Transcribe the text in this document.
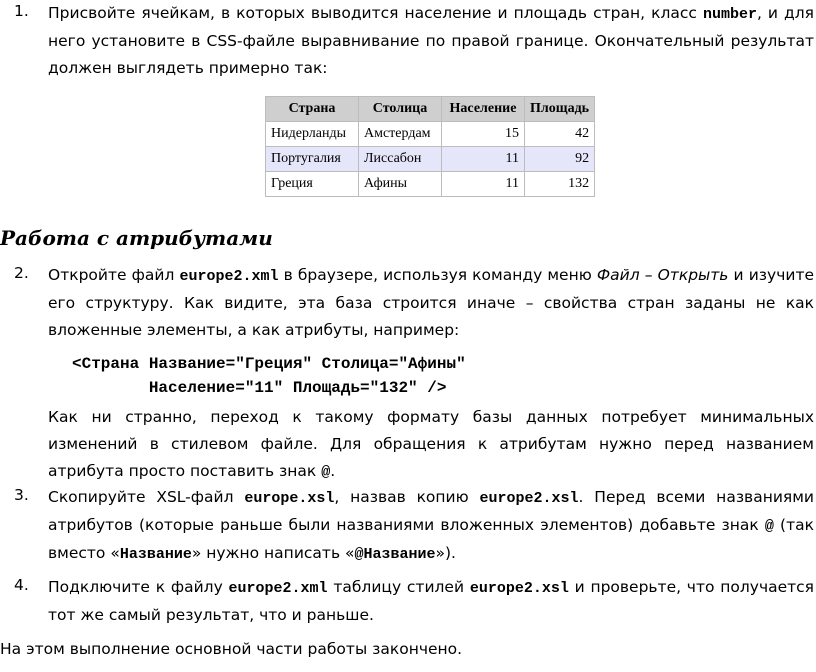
1. Присвойте ячейкам, в которых выводится население и площадь стран, класс number, и для него установите в CSS-файле выравнивание по правой границе. Окончательный результат должен выглядеть примерно так:

Страна	Столица	Население	Площадь
Нидерланды	Амстердам	15	42
Португалия	Лиссабон	11	92
Греция	Афины	11	132
Работа с атрибутами
2. Откройте файл europe2.xml в браузере, используя команду меню Файл – Открыть и изучите его структуру. Как видите, эта база строится иначе – свойства стран заданы не как вложенные элементы, а как атрибуты, например:

<Страна Название="Греция" Столица="Афины"
Население="11" Площадь="132" />

Как ни странно, переход к такому формату базы данных потребует минимальных изменений в стилевом файле. Для обращения к атрибутам нужно перед названием атрибута просто поставить знак @.

3. Скопируйте XSL-файл europe.xsl, назвав копию europe2.xsl. Перед всеми названиями атрибутов (которые раньше были названиями вложенных элементов) добавьте знак @ (так вместо «Название» нужно написать «@Название»).

4. Подключите к файлу europe2.xml таблицу стилей europe2.xsl и проверьте, что получается тот же самый результат, что и раньше.

На этом выполнение основной части работы закончено.
